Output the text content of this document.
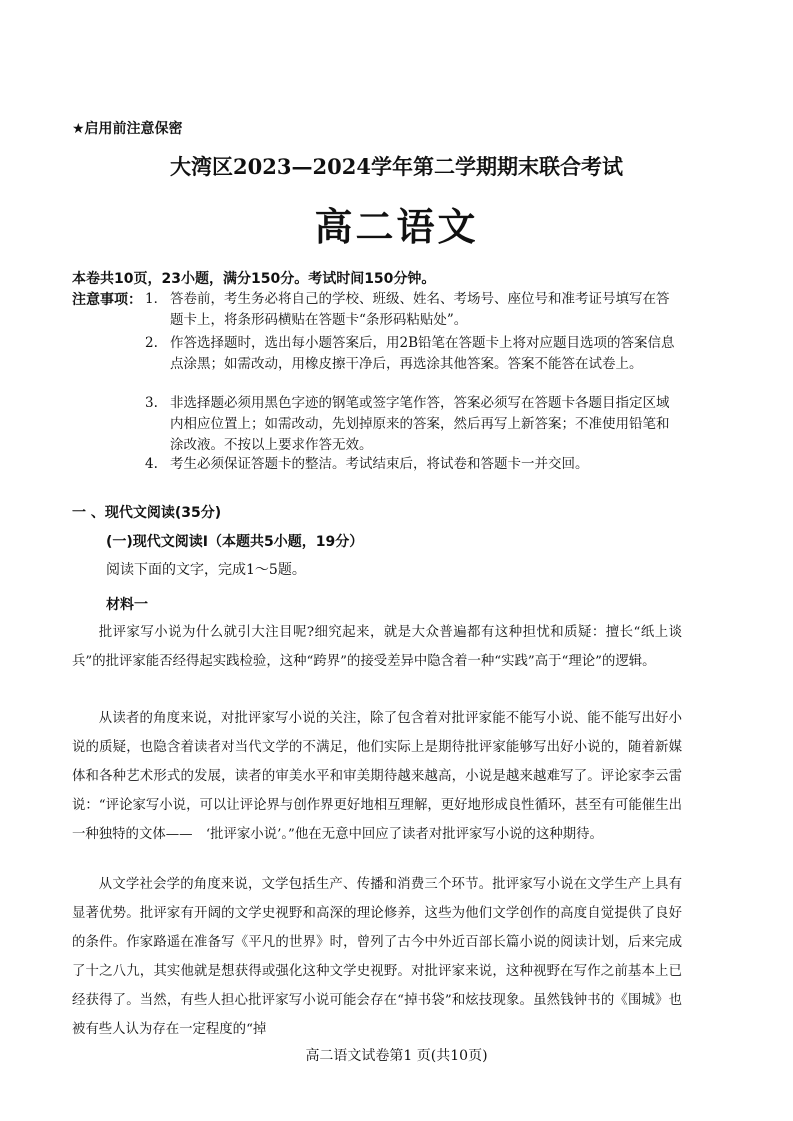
★启用前注意保密
大湾区2023—2024学年第二学期期末联合考试
高二语文
本卷共10页，23小题，满分150分。考试时间150分钟。
注意事项： 1． 答卷前，考生务必将自己的学校、班级、姓名、考场号、座位号和准考证号填写在答题卡上，将条形码横贴在答题卡“条形码粘贴处”。
2. 作答选择题时，选出每小题答案后，用2B铅笔在答题卡上将对应题目选项的答案信息点涂黑；如需改动，用橡皮擦干净后，再选涂其他答案。答案不能答在试卷上。
3. 非选择题必须用黑色字迹的钢笔或签字笔作答，答案必须写在答题卡各题目指定区域内相应位置上；如需改动，先划掉原来的答案，然后再写上新答案；不准使用铅笔和涂改液。不按以上要求作答无效。
4. 考生必须保证答题卡的整洁。考试结束后，将试卷和答题卡一并交回。
一 、现代文阅读(35分)
(一)现代文阅读Ⅰ（本题共5小题，19分）
阅读下面的文字，完成1～5题。
材料一
批评家写小说为什么就引大注目呢?细究起来，就是大众普遍都有这种担忧和质疑：擅长“纸上谈兵”的批评家能否经得起实践检验，这种“跨界”的接受差异中隐含着一种“实践”高于“理论”的逻辑。
从读者的角度来说，对批评家写小说的关注，除了包含着对批评家能不能写小说、能不能写出好小说的质疑，也隐含着读者对当代文学的不满足，他们实际上是期待批评家能够写出好小说的，随着新媒体和各种艺术形式的发展，读者的审美水平和审美期待越来越高，小说是越来越难写了。评论家李云雷说：“评论家写小说，可以让评论界与创作界更好地相互理解，更好地形成良性循环，甚至有可能催生出一种独特的文体——　‘批评家小说’。”他在无意中回应了读者对批评家写小说的这种期待。
从文学社会学的角度来说，文学包括生产、传播和消费三个环节。批评家写小说在文学生产上具有显著优势。批评家有开阔的文学史视野和高深的理论修养，这些为他们文学创作的高度自觉提供了良好的条件。作家路遥在准备写《平凡的世界》时，曾列了古今中外近百部长篇小说的阅读计划，后来完成了十之八九，其实他就是想获得或强化这种文学史视野。对批评家来说，这种视野在写作之前基本上已经获得了。当然，有些人担心批评家写小说可能会存在“掉书袋”和炫技现象。虽然钱钟书的《围城》也被有些人认为存在一定程度的“掉
高二语文试卷第1 页(共10页)
